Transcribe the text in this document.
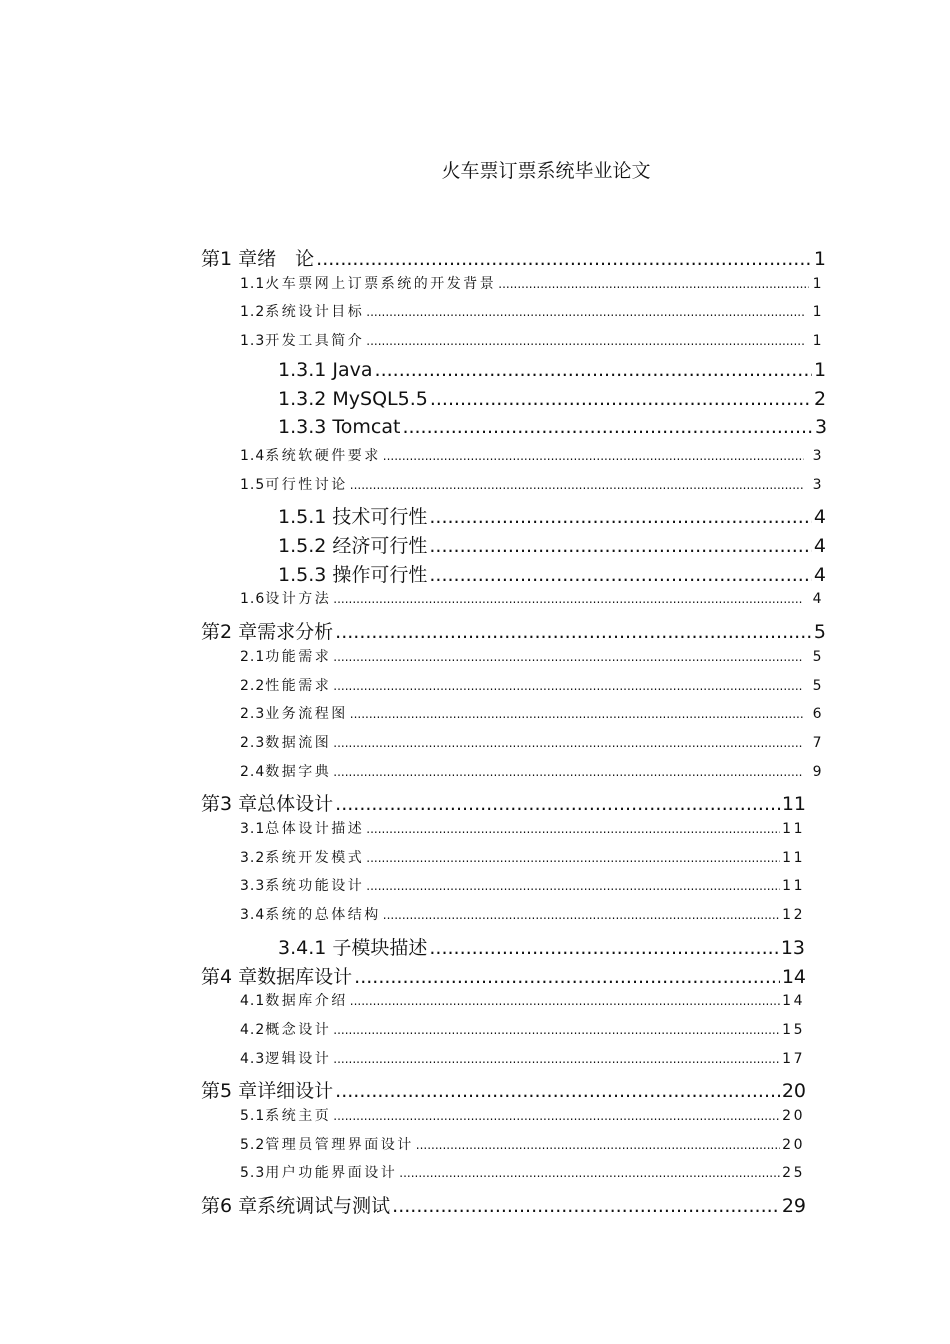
火车票订票系统毕业论文
第1 章 绪　论 .....	1
1.1 火车票网上订票系统的开发背景 .....	1
1.2 系统设计目标 .....	1
1.3 开发工具简介 .....	1
1.3.1 Java .....	1
1.3.2 MySQL5.5 .....	2
1.3.3 Tomcat .....	3
1.4 系统软硬件要求 .....	3
1.5 可行性讨论 .....	3
1.5.1 技术可行性 .....	4
1.5.2 经济可行性 .....	4
1.5.3 操作可行性 .....	4
1.6 设计方法 .....	4
第2 章 需求分析 .....	5
2.1 功能需求 .....	5
2.2 性能需求 .....	5
2.3 业务流程图 .....	6
2.3 数据流图 .....	7
2.4 数据字典 .....	9
第3 章 总体设计 .....	11
3.1 总体设计描述 .....	11
3.2 系统开发模式 .....	11
3.3 系统功能设计 .....	11
3.4 系统的总体结构 .....	12
3.4.1 子模块描述 .....	13
第4 章 数据库设计 .....	14
4.1 数据库介绍 .....	14
4.2 概念设计 .....	15
4.3 逻辑设计 .....	17
第5 章 详细设计 .....	20
5.1 系统主页 .....	20
5.2 管理员管理界面设计 .....	20
5.3 用户功能界面设计 .....	25
第6 章 系统调试与测试 .....	29
